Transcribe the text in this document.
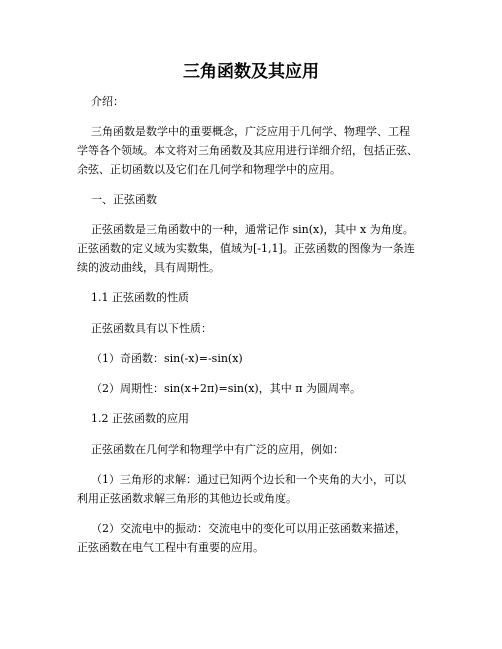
三角函数及其应用
介绍：
三角函数是数学中的重要概念，广泛应用于几何学、物理学、工程
学等各个领域。本文将对三角函数及其应用进行详细介绍，包括正弦、
余弦、正切函数以及它们在几何学和物理学中的应用。
一、正弦函数
正弦函数是三角函数中的一种，通常记作 sin(x)，其中 x 为角度。
正弦函数的定义域为实数集，值域为[-1,1]。正弦函数的图像为一条连
续的波动曲线，具有周期性。
1.1 正弦函数的性质
正弦函数具有以下性质：
（1）奇函数：sin(-x)=-sin(x)
（2）周期性：sin(x+2π)=sin(x)，其中 π 为圆周率。
1.2 正弦函数的应用
正弦函数在几何学和物理学中有广泛的应用，例如：
（1）三角形的求解：通过已知两个边长和一个夹角的大小，可以
利用正弦函数求解三角形的其他边长或角度。
（2）交流电中的振动：交流电中的变化可以用正弦函数来描述，
正弦函数在电气工程中有重要的应用。
